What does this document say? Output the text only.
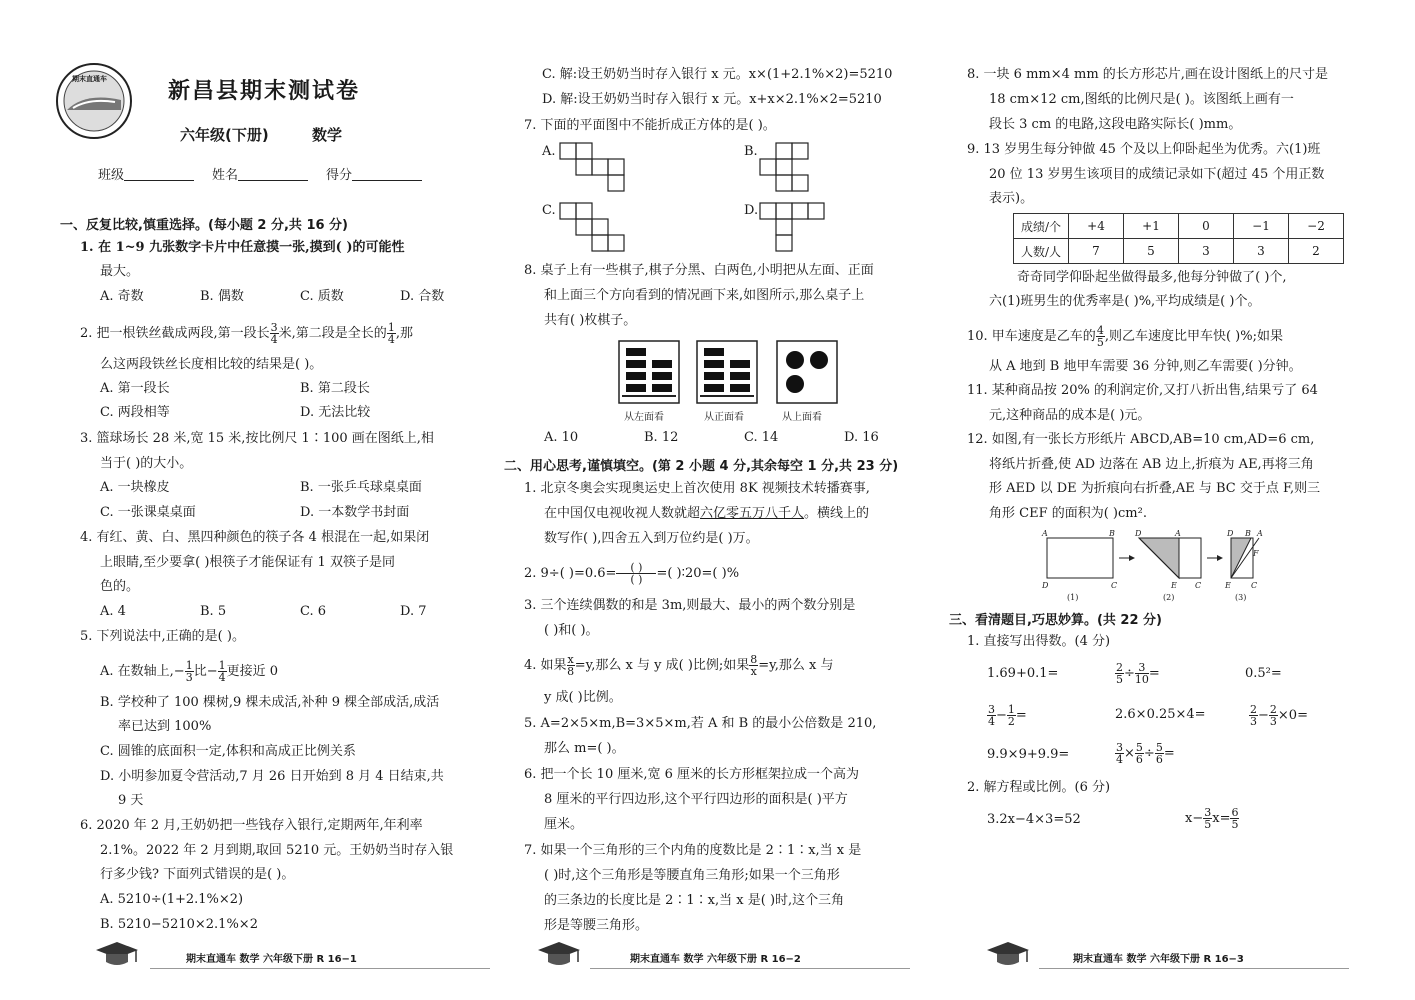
期末直通车
新昌县期末测试卷
六年级(下册)	数学
班级	姓名	得分
一、反复比较,慎重选择。(每小题 2 分,共 16 分)
1. 在 1~9 九张数字卡片中任意摸一张,摸到( )的可能性
最大。
A. 奇数	B. 偶数	C. 质数	D. 合数
2. 把一根铁丝截成两段,第一段长 $\frac{3}{4}$ 米,第二段是全长的 $\frac{1}{4}$ ,那
么这两段铁丝长度相比较的结果是( )。
A. 第一段长	B. 第二段长
C. 两段相等	D. 无法比较
3. 篮球场长 28 米,宽 15 米,按比例尺 1∶100 画在图纸上,相
当于( )的大小。
A. 一块橡皮	B. 一张乒乓球桌桌面
C. 一张课桌桌面	D. 一本数学书封面
4. 有红、黄、白、黑四种颜色的筷子各 4 根混在一起,如果闭
上眼睛,至少要拿( )根筷子才能保证有 1 双筷子是同
色的。
A. 4	B. 5	C. 6	D. 7
5. 下列说法中,正确的是( )。
A. 在数轴上,− $\frac{1}{3}$ 比− $\frac{1}{4}$ 更接近 0
B. 学校种了 100 棵树,9 棵未成活,补种 9 棵全部成活,成活
率已达到 100%
C. 圆锥的底面积一定,体积和高成正比例关系
D. 小明参加夏令营活动,7 月 26 日开始到 8 月 4 日结束,共
9 天
6. 2020 年 2 月,王奶奶把一些钱存入银行,定期两年,年利率
2.1%。2022 年 2 月到期,取回 5210 元。王奶奶当时存入银
行多少钱? 下面列式错误的是( )。
A. 5210÷(1+2.1%×2)
B. 5210−5210×2.1%×2
期末直通车 数学 六年级下册 R 16−1
C. 解:设王奶奶当时存入银行 x 元。x×(1+2.1%×2)=5210
D. 解:设王奶奶当时存入银行 x 元。x+x×2.1%×2=5210
7. 下面的平面图中不能折成正方体的是( )。
A.	B.
C.	D.
8. 桌子上有一些棋子,棋子分黑、白两色,小明把从左面、正面
和上面三个方向看到的情况画下来,如图所示,那么桌子上
共有( )枚棋子。
从左面看	从正面看	从上面看
A. 10	B. 12	C. 14	D. 16
二、用心思考,谨慎填空。(第 2 小题 4 分,其余每空 1 分,共 23 分)
1. 北京冬奥会实现奥运史上首次使用 8K 视频技术转播赛事,
在中国仅电视收视人数就超六亿零五万八千人。横线上的
数写作( ),四舍五入到万位约是( )万。
2. 9÷( )$=0.6= \frac{( )}{( )}$ =( )∶20=( )%
3. 三个连续偶数的和是 3m,则最大、最小的两个数分别是
( )和( )。
4. 如果 $\frac{x}{8} =y$,那么 x 与 y 成( )比例;如果 $\frac{8}{x} =y$,那么 x 与
y 成( )比例。
5. A=2×5×m,B=3×5×m,若 A 和 B 的最小公倍数是 210,
那么 m=( )。
6. 把一个长 10 厘米,宽 6 厘米的长方形框架拉成一个高为
8 厘米的平行四边形,这个平行四边形的面积是( )平方
厘米。
7. 如果一个三角形的三个内角的度数比是 2∶1∶x,当 x 是
( )时,这个三角形是等腰直角三角形;如果一个三角形
的三条边的长度比是 2∶1∶x,当 x 是( )时,这个三角
形是等腰三角形。
期末直通车 数学 六年级下册 R 16−2
8. 一块 6 mm×4 mm 的长方形芯片,画在设计图纸上的尺寸是
18 cm×12 cm,图纸的比例尺是( )。该图纸上画有一
段长 3 cm 的电路,这段电路实际长( )mm。
9. 13 岁男生每分钟做 45 个及以上仰卧起坐为优秀。六(1)班
20 位 13 岁男生该项目的成绩记录如下(超过 45 个用正数
表示)。
成绩/个	+4	+1	0	−1	−2
人数/人	7	5	3	3	2
奇奇同学仰卧起坐做得最多,他每分钟做了( )个,
六(1)班男生的优秀率是( )%,平均成绩是( )个。
10. 甲车速度是乙车的 $\frac{4}{5}$ ,则乙车速度比甲车快( )%;如果
从 A 地到 B 地甲车需要 36 分钟,则乙车需要( )分钟。
11. 某种商品按 20% 的利润定价,又打八折出售,结果亏了 64
元,这种商品的成本是( )元。
12. 如图,有一张长方形纸片 ABCD,AB=10 cm,AD=6 cm,
将纸片折叠,使 AD 边落在 AB 边上,折痕为 AE,再将三角
形 AED 以 DE 为折痕向右折叠,AE 与 BC 交于点 F,则三
角形 CEF 的面积为( )cm².
A	B
D	C
D	A
C
E
D B A
F
E	C
(1)	(2)	(3)
三、看清题目,巧思妙算。(共 22 分)
1. 直接写出得数。(4 分)
1.69+0.1=	$\frac{2}{5} \div \frac{3}{10}$ =	0.5²=
$\frac{3}{4} - \frac{1}{2}$ =	2.6×0.25×4=	$\frac{2}{3} - \frac{2}{3} \times 0=$
9.9×9+9.9=	$\frac{3}{4} \times \frac{5}{6} \div \frac{5}{6}$ =
2. 解方程或比例。(6 分)
3.2x−4×3=52	$x- \frac{3}{5} x= \frac{6}{5}$
期末直通车 数学 六年级下册 R 16−3
